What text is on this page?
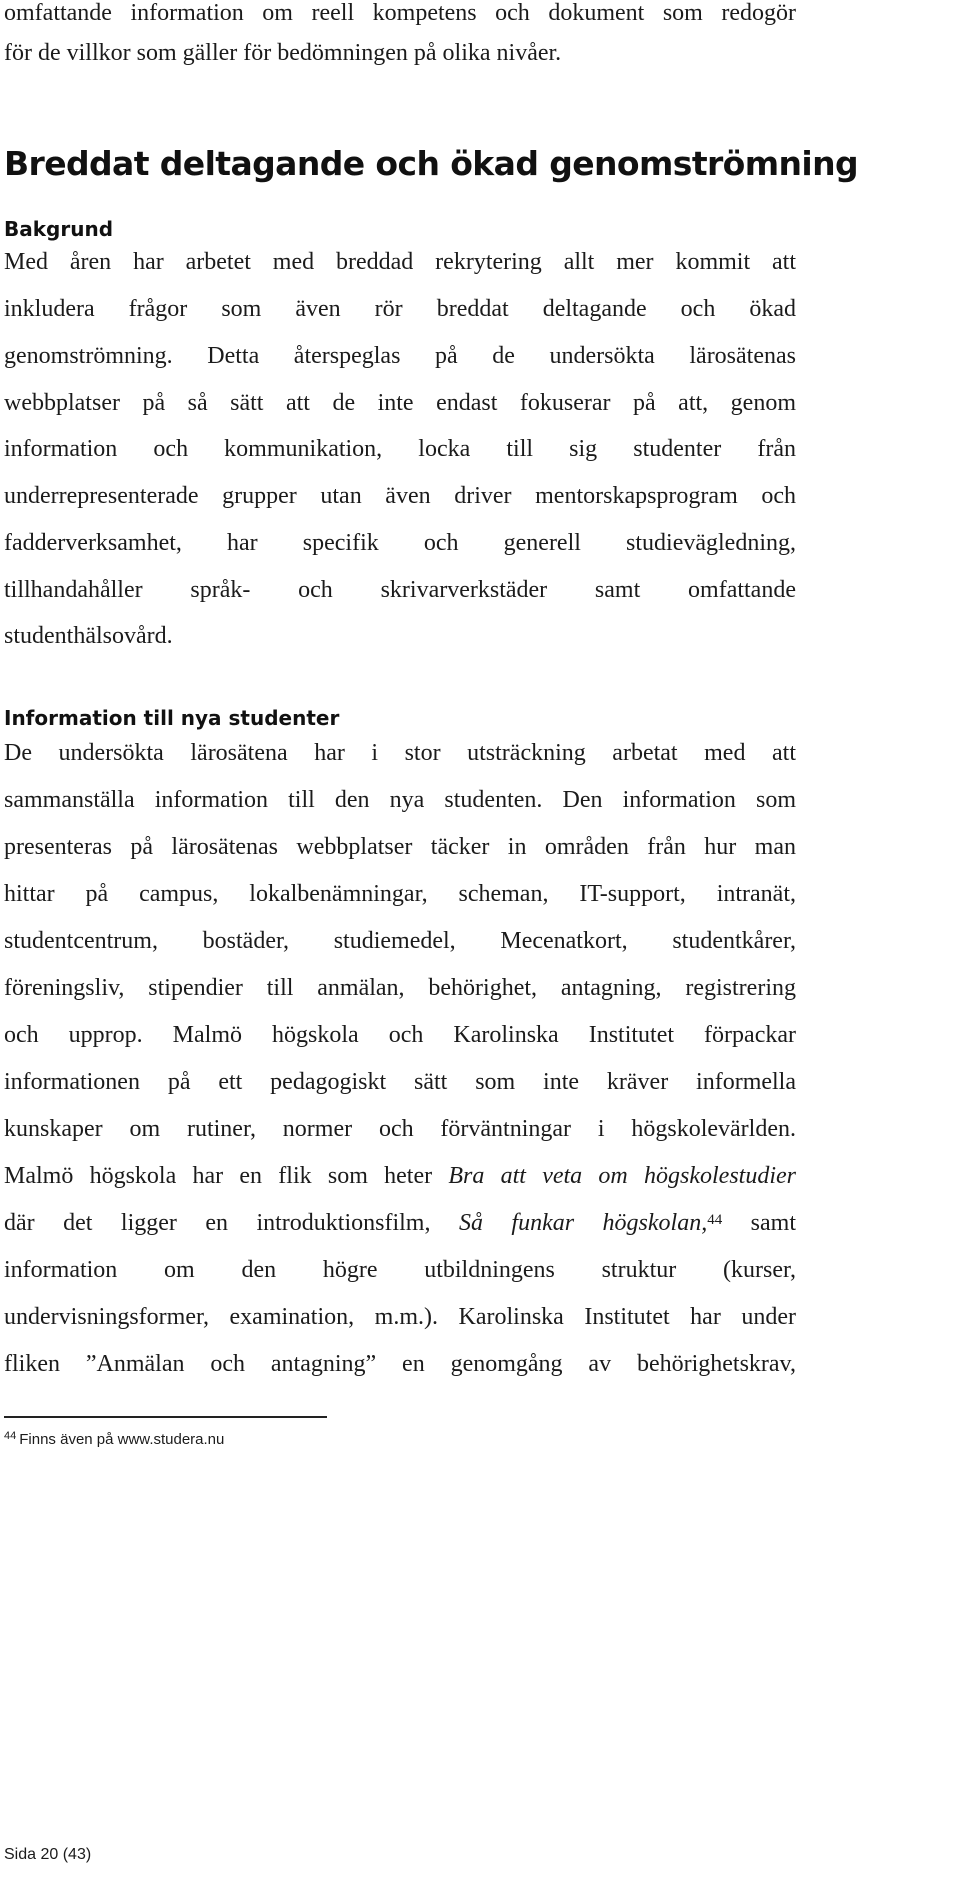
omfattande information om reell kompetens och dokument som redogör

för de villkor som gäller för bedömningen på olika nivåer.

Breddat deltagande och ökad genomströmning
Bakgrund

Med åren har arbetet med breddad rekrytering allt mer kommit att

inkludera frågor som även rör breddat deltagande och ökad

genomströmning. Detta återspeglas på de undersökta lärosätenas

webbplatser på så sätt att de inte endast fokuserar på att, genom

information och kommunikation, locka till sig studenter från

underrepresenterade grupper utan även driver mentorskapsprogram och

fadderverksamhet, har specifik och generell studievägledning,

tillhandahåller språk- och skrivarverkstäder samt omfattande

studenthälsovård.

Information till nya studenter

De undersökta lärosätena har i stor utsträckning arbetat med att

sammanställa information till den nya studenten. Den information som

presenteras på lärosätenas webbplatser täcker in områden från hur man

hittar på campus, lokalbenämningar, scheman, IT-support, intranät,

studentcentrum, bostäder, studiemedel, Mecenatkort, studentkårer,

föreningsliv, stipendier till anmälan, behörighet, antagning, registrering

och upprop. Malmö högskola och Karolinska Institutet förpackar

informationen på ett pedagogiskt sätt som inte kräver informella

kunskaper om rutiner, normer och förväntningar i högskolevärlden.

Malmö högskola har en flik som heter Bra att veta om högskolestudier

där det ligger en introduktionsfilm, Så funkar högskolan,$^{44}$ samt

information om den högre utbildningens struktur (kurser,

undervisningsformer, examination, m.m.). Karolinska Institutet har under

fliken ”Anmälan och antagning” en genomgång av behörighetskrav,

$^{44}$ Finns även på www.studera.nu

Sida 20 (43)
